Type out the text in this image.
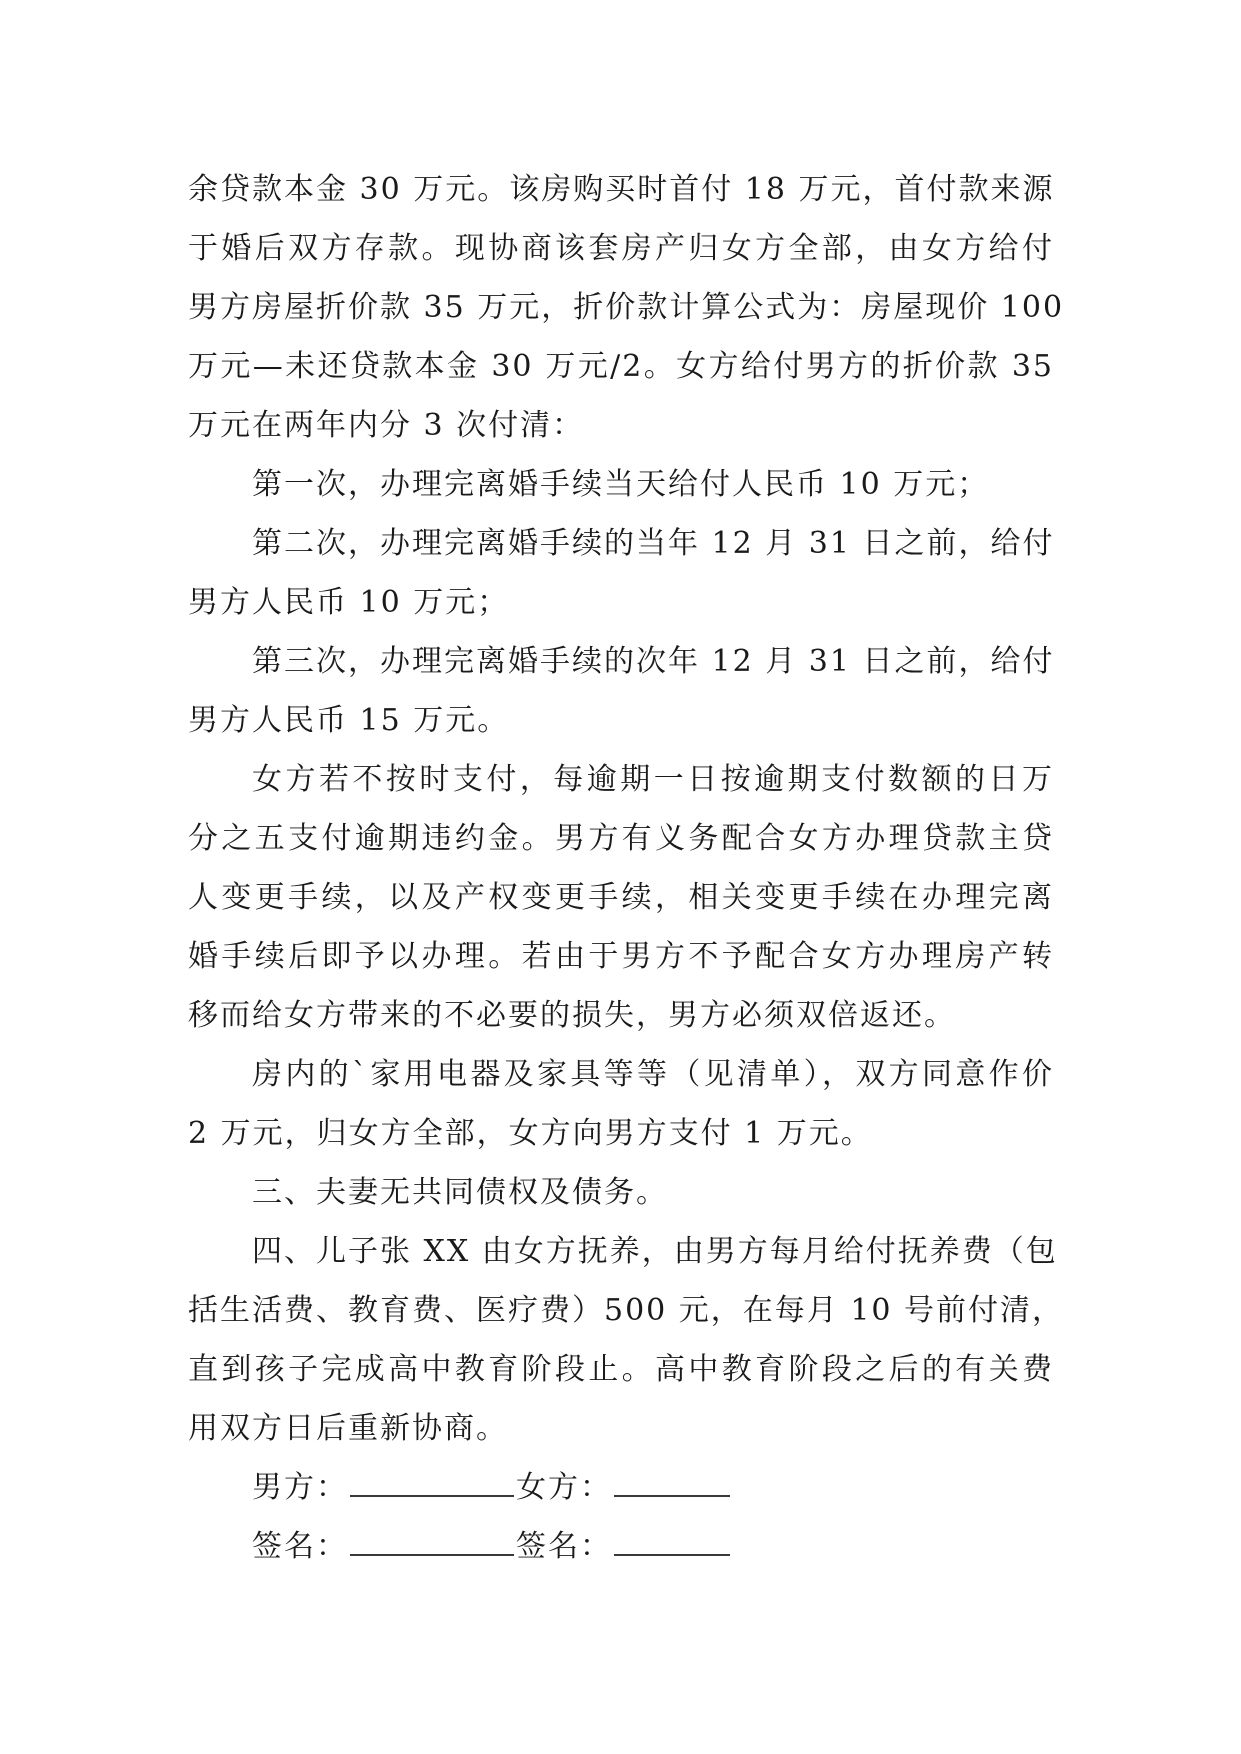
余贷款本金 30 万元。该房购买时首付 18 万元，首付款来源
于婚后双方存款。现协商该套房产归女方全部，由女方给付
男方房屋折价款 35 万元，折价款计算公式为：房屋现价 100
万元—未还贷款本金 30 万元/2。女方给付男方的折价款 35
万元在两年内分 3 次付清：

第一次，办理完离婚手续当天给付人民币 10 万元；

第二次，办理完离婚手续的当年 12 月 31 日之前，给付
男方人民币 10 万元；

第三次，办理完离婚手续的次年 12 月 31 日之前，给付
男方人民币 15 万元。

女方若不按时支付，每逾期一日按逾期支付数额的日万
分之五支付逾期违约金。男方有义务配合女方办理贷款主贷
人变更手续，以及产权变更手续，相关变更手续在办理完离
婚手续后即予以办理。若由于男方不予配合女方办理房产转
移而给女方带来的不必要的损失，男方必须双倍返还。

房内的`家用电器及家具等等（见清单），双方同意作价
2 万元，归女方全部，女方向男方支付 1 万元。

三、夫妻无共同债权及债务。

四、儿子张 XX 由女方抚养，由男方每月给付抚养费（包
括生活费、教育费、医疗费）500 元，在每月 10 号前付清，
直到孩子完成高中教育阶段止。高中教育阶段之后的有关费
用双方日后重新协商。

男方：	女方：
签名：	签名：
